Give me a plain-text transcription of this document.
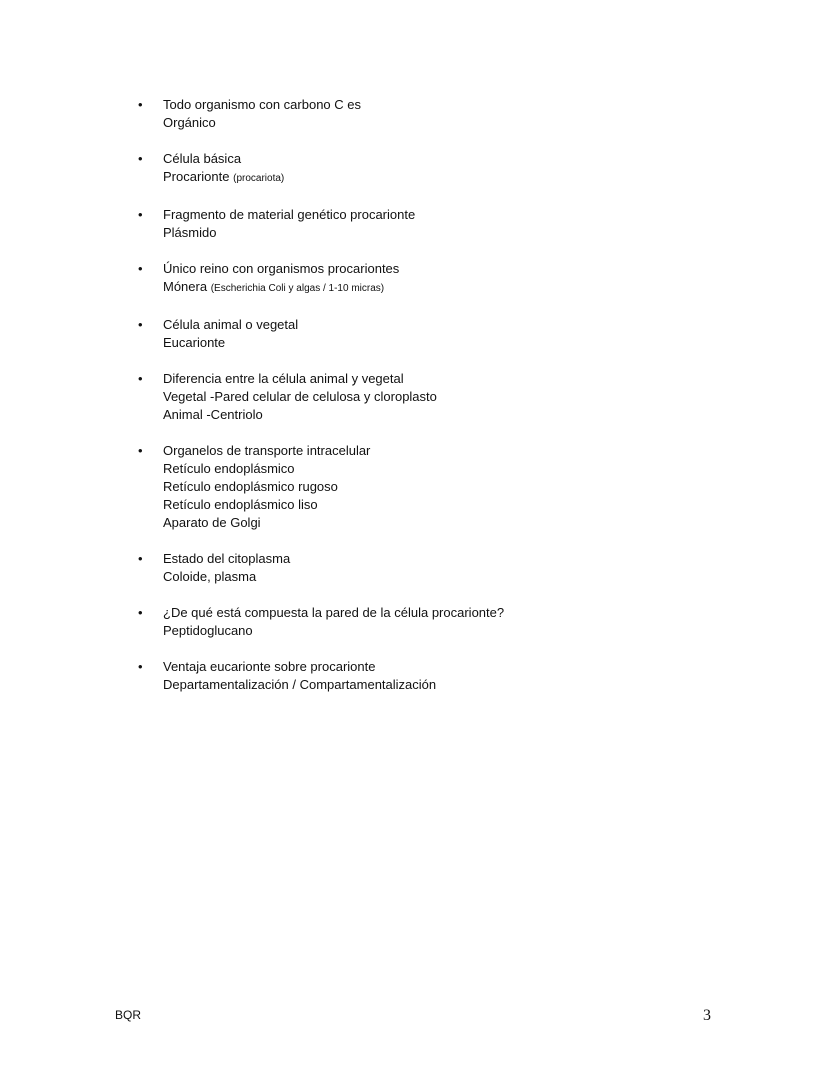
• Todo organismo con carbono C es
Orgánico
• Célula básica
Procarionte (procariota)
• Fragmento de material genético procarionte
Plásmido
• Único reino con organismos procariontes
Mónera (Escherichia Coli y algas / 1-10 micras)
• Célula animal o vegetal
Eucarionte
• Diferencia entre la célula animal y vegetal
Vegetal -Pared celular de celulosa y cloroplasto
Animal -Centriolo
• Organelos de transporte intracelular
Retículo endoplásmico
Retículo endoplásmico rugoso
Retículo endoplásmico liso
Aparato de Golgi
• Estado del citoplasma
Coloide, plasma
• ¿De qué está compuesta la pared de la célula procarionte?
Peptidoglucano
• Ventaja eucarionte sobre procarionte
Departamentalización / Compartamentalización
BQR	3
